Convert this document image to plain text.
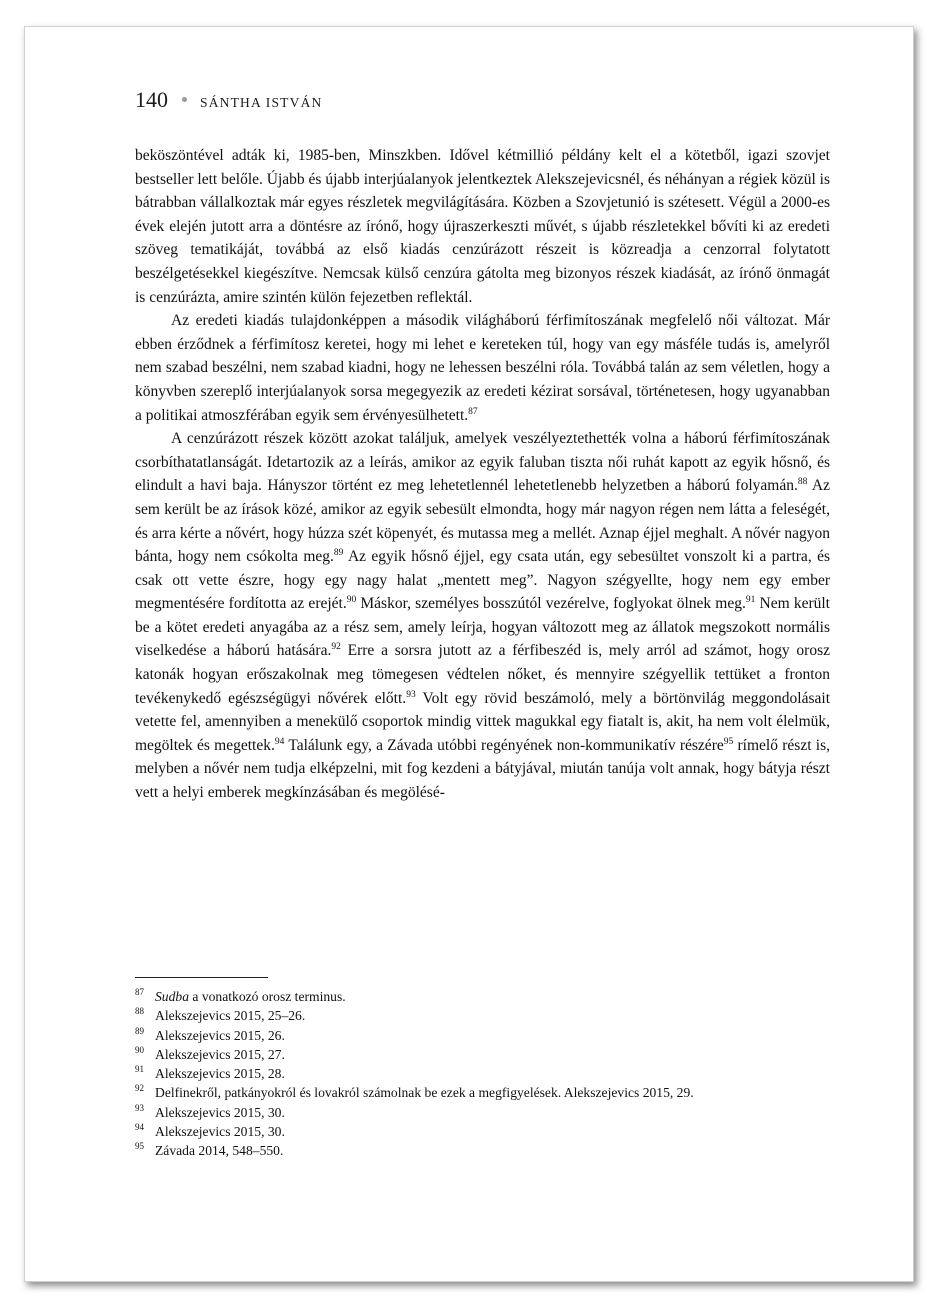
140 SÁNTHA ISTVÁN

beköszöntével adták ki, 1985-ben, Minszkben. Idővel kétmillió példány kelt el a kötetből, igazi szovjet bestseller lett belőle. Újabb és újabb interjúalanyok jelentkeztek Alekszejevicsnél, és néhányan a régiek közül is bátrabban vállalkoztak már egyes részletek megvilágítására. Közben a Szovjetunió is szétesett. Végül a 2000-es évek elején jutott arra a döntésre az írónő, hogy újraszerkeszti művét, s újabb részletekkel bővíti ki az eredeti szöveg tematikáját, továbbá az első kiadás cenzúrázott részeit is közreadja a cenzorral folytatott beszélgetésekkel kiegészítve. Nemcsak külső cenzúra gátolta meg bizonyos részek kiadását, az írónő önmagát is cenzúrázta, amire szintén külön fejezetben reflektál.

Az eredeti kiadás tulajdonképpen a második világháború férfimítoszának megfelelő női változat. Már ebben érződnek a férfimítosz keretei, hogy mi lehet e kereteken túl, hogy van egy másféle tudás is, amelyről nem szabad beszélni, nem szabad kiadni, hogy ne lehessen beszélni róla. Továbbá talán az sem véletlen, hogy a könyvben szereplő interjúalanyok sorsa megegyezik az eredeti kézirat sorsával, történetesen, hogy ugyanabban a politikai atmoszférában egyik sem érvényesülhetett.$^{87}$

A cenzúrázott részek között azokat találjuk, amelyek veszélyeztethették volna a háború férfimítoszának csorbíthatatlanságát. Idetartozik az a leírás, amikor az egyik faluban tiszta női ruhát kapott az egyik hősnő, és elindult a havi baja. Hányszor történt ez meg lehetetlennél lehetetlenebb helyzetben a háború folyamán.$^{88}$ Az sem került be az írások közé, amikor az egyik sebesült elmondta, hogy már nagyon régen nem látta a feleségét, és arra kérte a nővért, hogy húzza szét köpenyét, és mutassa meg a mellét. Aznap éjjel meghalt. A nővér nagyon bánta, hogy nem csókolta meg.$^{89}$ Az egyik hősnő éjjel, egy csata után, egy sebesültet vonszolt ki a partra, és csak ott vette észre, hogy egy nagy halat „mentett meg”. Nagyon szégyellte, hogy nem egy ember megmentésére fordította az erejét.$^{90}$ Máskor, személyes bosszútól vezérelve, foglyokat ölnek meg.$^{91}$ Nem került be a kötet eredeti anyagába az a rész sem, amely leírja, hogyan változott meg az állatok megszokott normális viselkedése a háború hatására.$^{92}$ Erre a sorsra jutott az a férfibeszéd is, mely arról ad számot, hogy orosz katonák hogyan erőszakolnak meg tömegesen védtelen nőket, és mennyire szégyellik tettüket a fronton tevékenykedő egészségügyi nővérek előtt.$^{93}$ Volt egy rövid beszámoló, mely a börtönvilág meggondolásait vetette fel, amennyiben a menekülő csoportok mindig vittek magukkal egy fiatalt is, akit, ha nem volt élelmük, megöltek és megettek.$^{94}$ Találunk egy, a Závada utóbbi regényének non-kommunikatív részére$^{95}$ rímelő részt is, melyben a nővér nem tudja elképzelni, mit fog kezdeni a bátyjával, miután tanúja volt annak, hogy bátyja részt vett a helyi emberek megkínzásában és megölésé-

87 Sudba a vonatkozó orosz terminus.
88 Alekszejevics 2015, 25–26.
89 Alekszejevics 2015, 26.
90 Alekszejevics 2015, 27.
91 Alekszejevics 2015, 28.
92 Delfinekről, patkányokról és lovakról számolnak be ezek a megfigyelések. Alekszejevics 2015, 29.
93 Alekszejevics 2015, 30.
94 Alekszejevics 2015, 30.
95 Závada 2014, 548–550.
